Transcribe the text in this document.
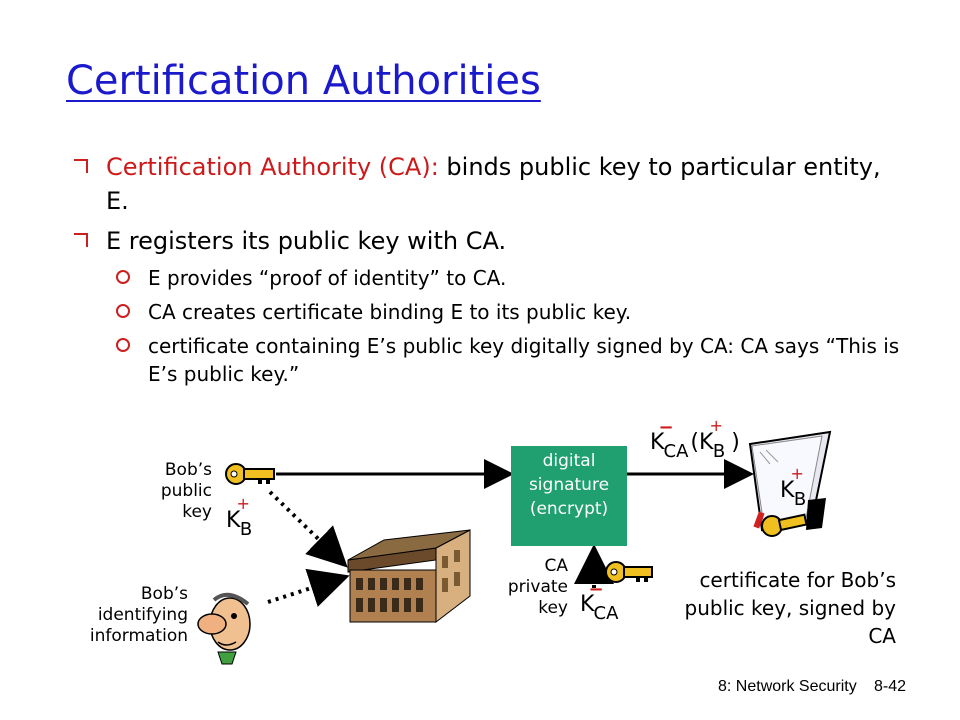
Certification Authorities
Certification Authority (CA): binds public key to particular entity, E.
E registers its public key with CA.
E provides “proof of identity” to CA.
CA creates certificate binding E to its public key.
certificate containing E’s public key digitally signed by CA: CA says “This is E’s public key.”
Bob’s public key
Bob’s identifying information
CA private key
$K^+_B$
digital
signature
(encrypt)
$K^-_{CA}(K^+_B$ )
$K^+_B$
$K^-_{CA}$
certificate for Bob’s public key, signed by CA
8: Network Security 8-42
